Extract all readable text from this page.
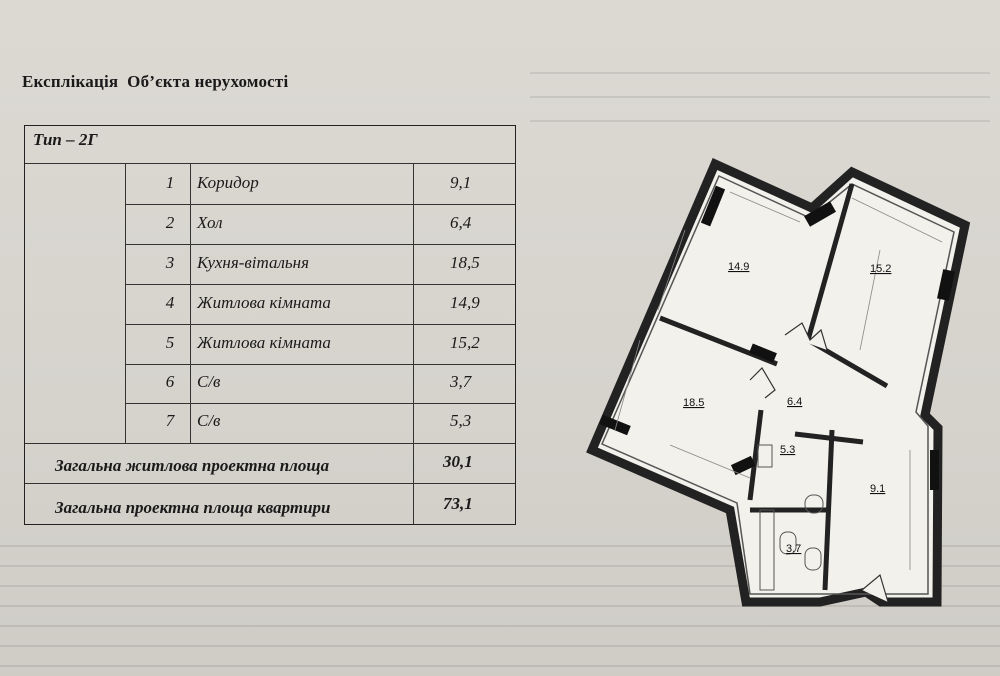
Експлікація  Об’єкта нерухомості
Тип – 2Г
1	Коридор	9,1
2	Хол	6,4
3	Кухня-вітальня	18,5
4	Житлова кімната	14,9
5	Житлова кімната	15,2
6	С/в	3,7
7	С/в	5,3
Загальна житлова проектна площа	30,1
Загальна проектна площа квартири	73,1
14.9	15.2
18.5	6.4
5.3
9.1
3.7
